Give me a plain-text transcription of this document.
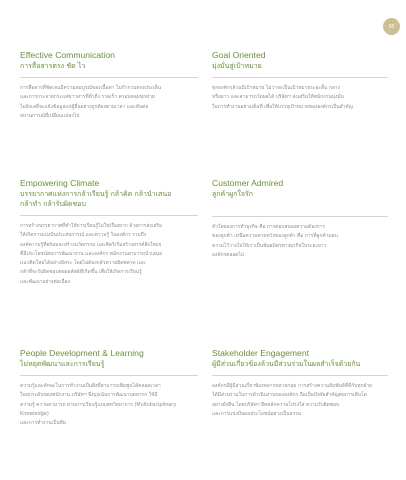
65
Effective Communication
การสื่อสารตรง ชัด ไว

การสื่อสารที่ชัดเจนมีความสมบูรณ์ของเนื้อหา ไม่กำกวมตรงประเด็น
และการกระจายกระแสข่าวสารที่ทั่วถึง รวดเร็ว ครอบคลุมทุกฝ่าย
ไม่ลังเลที่จะแจ้งข้อมูลแก่ผู้อื่นอย่างถูกต้องตามเวลา และทันต่อ
สถานการณ์ที่เปลี่ยนแปลงไป

Goal Oriented
มุ่งมั่นสู่เป้าหมาย

ทุกองค์กรล้วนมีเป้าหมาย ไม่ว่าจะเป็นเป้าหมายระยะสั้น กลาง
หรือยาว และสามารถวัดผลได้ บริษัทฯ ส่งเสริมให้พนักงานมุ่งมั่น
ในการทำงานอย่างเต็มที่ เพื่อให้บรรลุเป้าหมายขององค์กรเป็นสำคัญ

Empowering Climate
บรรยากาศแห่งการกล้าเรียนรู้ กล้าคิด กล้านำเสนอ
กล้าทำ กล้ารับผิดชอบ

การสร้างบรรยากาศที่ทำให้การเรียนรู้ไม่ใช่เรื่องยาก ด้วยการส่งเสริม
ให้เกิดการแบ่งปันประสบการณ์ และความรู้ ในองค์กร รวมถึง
องค์ความรู้ที่พร้อมจะสร้างนวัตกรรม และคิดริเริ่มสร้างสรรค์สิ่งใหม่ๆ
ที่มีประโยชน์ต่อการพัฒนางาน และองค์กร พนักงานสามารถนำเสนอ
แนวคิดใหม่ได้อย่างอิสระ โดยไม่ต้องกลัวความผิดพลาด และ
กล้าที่จะรับผิดชอบต่อผลลัพธ์ที่เกิดขึ้น เพื่อให้เกิดการเรียนรู้
และพัฒนาอย่างต่อเนื่อง

Customer Admired
ลูกค้าผูกใจรัก

หัวใจของการทำธุรกิจ คือ การตอบสนองความต้องการ
ของลูกค้า เหนือความคาดหวังของลูกค้า คือ การที่ลูกค้ามอบ
ความไว้วางใจให้เราเป็นพันธมิตรทางธุรกิจในระยะยาว
องค์กรตลอดไป

People Development & Learning
ไม่หยุดพัฒนาและการเรียนรู้

ความรู้และทักษะในการทำงานเป็นสิ่งที่สามารถเพิ่มพูนได้ตลอดเวลา
ในทุกระดับของพนักงาน บริษัทฯ จึงมุ่งเน้นการพัฒนาบุคลากร ให้มี
ความรู้ ความสามารถ ผ่านการเรียนรู้แบบสหวิทยาการ (Multidisciplinary Knowledge)
และการทำงานเป็นทีม

Stakeholder Engagement
ผู้มีส่วนเกี่ยวข้องล้วนมีส่วนร่วมในผลสำเร็จด้วยกัน

องค์กรมีผู้มีส่วนเกี่ยวข้องหลากหลายกลุ่ม การสร้างความสัมพันธ์ที่ดีกับทุกฝ่าย
ได้มีส่วนร่วมในการดำเนินงานขององค์กร ถือเป็นปัจจัยสำคัญต่อการเติบโต
อย่างยั่งยืน โดยบริษัทฯ ยึดหลักความโปร่งใส ความรับผิดชอบ
และการแบ่งปันผลประโยชน์อย่างเป็นธรรม
